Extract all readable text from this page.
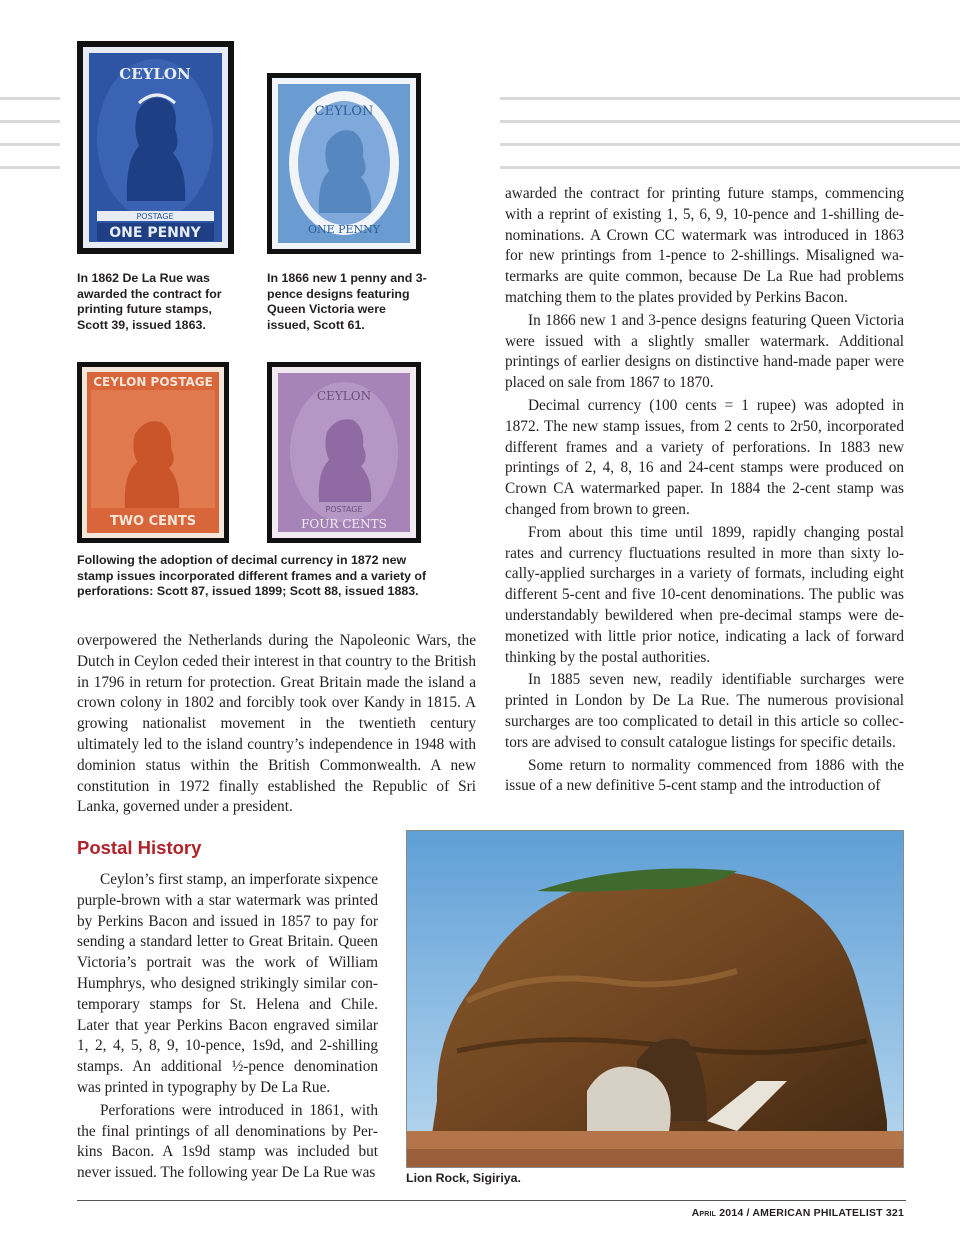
CEYLON
POSTAGE
ONE PENNY
CEYLON
ONE PENNY

In 1862 De La Rue was awarded the contract for printing future stamps, Scott 39, issued 1863.

In 1866 new 1 penny and 3-pence designs featuring Queen Victoria were issued, Scott 61.

CEYLON POSTAGE
TWO CENTS
CEYLON
POSTAGE
FOUR CENTS

Following the adoption of decimal currency in 1872 new stamp issues incorporated different frames and a variety of perforations: Scott 87, issued 1899; Scott 88, issued 1883.

overpowered the Netherlands during the Napoleonic Wars, the Dutch in Ceylon ceded their interest in that country to the British in 1796 in return for protection. Great Britain made the island a crown colony in 1802 and forcibly took over Kandy in 1815. A growing nationalist movement in the twentieth century ultimately led to the island country’s independence in 1948 with dominion status within the British Commonwealth. A new constitution in 1972 finally established the Republic of Sri Lanka, governed under a president.

Postal History

Ceylon’s first stamp, an imperforate sixpence purple-brown with a star watermark was printed by Perkins Bacon and issued in 1857 to pay for sending a standard letter to Great Britain. Queen Victoria’s portrait was the work of William Humphrys, who designed strikingly similar contemporary stamps for St. Helena and Chile. Later that year Perkins Bacon engraved similar 1, 2, 4, 5, 8, 9, 10-pence, 1s9d, and 2-shilling stamps. An additional ½-pence denomination was printed in typography by De La Rue.

Perforations were introduced in 1861, with the final printings of all denominations by Perkins Bacon. A 1s9d stamp was included but never issued. The following year De La Rue was

awarded the contract for printing future stamps, commencing with a reprint of existing 1, 5, 6, 9, 10-pence and 1-shilling denominations. A Crown CC watermark was introduced in 1863 for new printings from 1-pence to 2-shillings. Misaligned watermarks are quite common, because De La Rue had problems matching them to the plates provided by Perkins Bacon.

In 1866 new 1 and 3-pence designs featuring Queen Victoria were issued with a slightly smaller watermark. Additional printings of earlier designs on distinctive hand-made paper were placed on sale from 1867 to 1870.

Decimal currency (100 cents = 1 rupee) was adopted in 1872. The new stamp issues, from 2 cents to 2r50, incorporated different frames and a variety of perforations. In 1883 new printings of 2, 4, 8, 16 and 24-cent stamps were produced on Crown CA watermarked paper. In 1884 the 2-cent stamp was changed from brown to green.

From about this time until 1899, rapidly changing postal rates and currency fluctuations resulted in more than sixty locally-applied surcharges in a variety of formats, including eight different 5-cent and five 10-cent denominations. The public was understandably bewildered when pre-decimal stamps were demonetized with little prior notice, indicating a lack of forward thinking by the postal authorities.

In 1885 seven new, readily identifiable surcharges were printed in London by De La Rue. The numerous provisional surcharges are too complicated to detail in this article so collectors are advised to consult catalogue listings for specific details.

Some return to normality commenced from 1886 with the issue of a new definitive 5-cent stamp and the introduction of

Lion Rock, Sigiriya.

April 2014 / AMERICAN PHILATELIST 321
